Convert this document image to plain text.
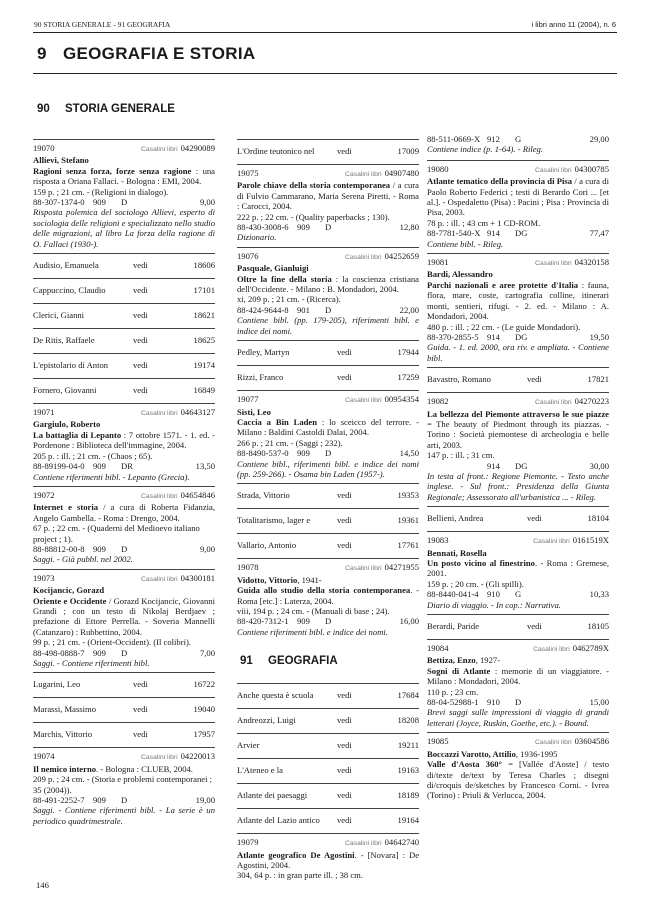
90 STORIA GENERALE - 91 GEOGRAFIA	i libri anno 11 (2004), n. 6
9 GEOGRAFIA E STORIA
90 STORIA GENERALE
19070	Casalini libri 04290089
Allievi, Stefano
Ragioni senza forza, forze senza ragione : una risposta a Oriana Fallaci. - Bologna : EMI, 2004.
159 p. ; 21 cm. - (Religioni in dialogo).
88-307-1374-0 909	D	9,00
Risposta polemica del sociologo Allievi, esperto di sociologia delle religioni e specializzato nello studio delle migrazioni, al libro La forza della ragione di O. Fallaci (1930-).
Audisio, Emanuela	vedi	18606
Cappuccino, Claudio	vedi	17101
Clerici, Gianni	vedi	18621
De Ritis, Raffaele	vedi	18625
L'epistolario di Anton	vedi	19174
Fornero, Giovanni	vedi	16849
19071	Casalini libri 04643127
Gargiulo, Roberto
La battaglia di Lepanto : 7 ottobre 1571. - 1. ed. - Pordenone : Biblioteca dell'immagine, 2004.
205 p. : ill. ; 21 cm. - (Chaos ; 65).
88-89199-04-0 909	DR	13,50
Contiene riferimenti bibl. - Lepanto (Grecia).
19072	Casalini libri 04654846
Internet e storia / a cura di Roberta Fidanzia, Angelo Gambella. - Roma : Drengo, 2004.
67 p. ; 22 cm. - (Quaderni del Medioevo italiano project ; 1).
88-88812-00-8 909	D	9,00
Saggi. - Già pubbl. nel 2002.
19073	Casalini libri 04300181
Kocijancic, Gorazd
Oriente e Occidente / Gorazd Kocijancic, Giovanni Grandi ; con un testo di Nikolaj Berdjaev ; prefazione di Ettore Perrella. - Soveria Mannelli (Catanzaro) : Rubbettino, 2004.
99 p. ; 21 cm. - (Orient-Occident). (Il colibri).
88-498-0888-7 909	D	7,00
Saggi. - Contiene riferimenti bibl.
Lugarini, Leo	vedi	16722
Marassi, Massimo	vedi	19040
Marchis, Vittorio	vedi	17957
19074	Casalini libri 04220013
Il nemico interno. - Bologna : CLUEB, 2004.
209 p. ; 24 cm. - (Storia e problemi contemporanei ; 35 (2004)).
88-491-2252-7 909	D	19,00
Saggi. - Contiene riferimenti bibl. - La serie è un periodico quadrimestrale.
L'Ordine teutonico nel	vedi	17009
19075	Casalini libri 04907480
Parole chiave della storia contemporanea / a cura di Fulvio Cammarano, Maria Serena Piretti. - Roma : Carocci, 2004.
222 p. ; 22 cm. - (Quality paperbacks ; 130).
88-430-3008-6 909	D	12,80
Dizionario.
19076	Casalini libri 04252659
Pasquale, Gianluigi
Oltre la fine della storia : la coscienza cristiana dell'Occidente. - Milano : B. Mondadori, 2004.
xi, 209 p. ; 21 cm. - (Ricerca).
88-424-9644-8 901	D	22,00
Contiene bibl. (pp. 179-205), riferimenti bibl. e indice dei nomi.
Pedley, Martyn	vedi	17944
Rizzi, Franco	vedi	17259
19077	Casalini libri 00954354
Sisti, Leo
Caccia a Bin Laden : lo sceicco del terrore. - Milano : Baldini Castoldi Dalai, 2004.
266 p. ; 21 cm. - (Saggi ; 232).
88-8490-537-0 909	D	14,50
Contiene bibl., riferimenti bibl. e indice dei nomi (pp. 259-266). - Osama bin Laden (1957-).
Strada, Vittorio	vedi	19353
Totalitarismo, lager e	vedi	19361
Vallario, Antonio	vedi	17761
19078	Casalini libri 04271955
Vidotto, Vittorio, 1941-
Guida allo studio della storia contemporanea. - Roma [etc.] : Laterza, 2004.
viii, 194 p. ; 24 cm. - (Manuali di base ; 24).
88-420-7312-1 909	D	16,00
Contiene riferimenti bibl. e indice dei nomi.
91 GEOGRAFIA
Anche questa è scuola	vedi	17684
Andreozzi, Luigi	vedi	18208
Arvier	vedi	19211
L'Ateneo e la	vedi	19163
Atlante dei paesaggi	vedi	18189
Atlante del Lazio antico	vedi	19164
19079	Casalini libri 04642740
Atlante geografico De Agostini. - [Novara] : De Agostini, 2004.
304, 64 p. : in gran parte ill. ; 38 cm.
88-511-0669-X 912	G	29,00
Contiene indice (p. 1-64). - Rileg.
19080	Casalini libri 04300785
Atlante tematico della provincia di Pisa / a cura di Paolo Roberto Federici ; testi di Berardo Cori ... [et al.]. - Ospedaletto (Pisa) : Pacini ; Pisa : Provincia di Pisa, 2003.
78 p. : ill. ; 43 cm + 1 CD-ROM.
88-7781-540-X 914	DG	77,47
Contiene bibl. - Rileg.
19081	Casalini libri 04320158
Bardi, Alessandro
Parchi nazionali e aree protette d'Italia : fauna, flora, mare, coste, cartografia colline, itinerari monti, sentieri, rifugi. - 2. ed. - Milano : A. Mondadori, 2004.
480 p. : ill. ; 22 cm. - (Le guide Mondadori).
88-370-2855-5 914	DG	19,50
Guida. - 1. ed. 2000, ora riv. e ampliata. - Contiene bibl.
Bavastro, Romano	vedi	17821
19082	Casalini libri 04270223
La bellezza del Piemonte attraverso le sue piazze = The beauty of Piedmont through its piazzas. - Torino : Società piemontese di archeologia e belle arti, 2003.
147 p. : ill. ; 31 cm.
914	DG	30,00
In testa al front.: Regione Piemonte. - Testo anche inglese. - Sul front.: Presidenza della Giunta Regionale; Assessorato all'urbanistica ... - Rileg.
Bellieni, Andrea	vedi	18104
19083	Casalini libri 0161519X
Bennati, Rosella
Un posto vicino al finestrino. - Roma : Gremese, 2001.
159 p. ; 20 cm. - (Gli spilli).
88-8440-041-4 910	G	10,33
Diario di viaggio. - In cop.: Narrativa.
Berardi, Paride	vedi	18105
19084	Casalini libri 0462789X
Bettiza, Enzo, 1927-
Sogni di Atlante : memorie di un viaggiatore. - Milano : Mondadori, 2004.
110 p. ; 23 cm.
88-04-52988-1 910	D	15,00
Brevi saggi sulle impressioni di viaggio di grandi letterati (Joyce, Ruskin, Goethe, etc.). - Bound.
19085	Casalini libri 03604586
Boccazzi Varotto, Attilio, 1936-1995
Valle d'Aosta 360° = [Vallée d'Aoste] / testo di/texte de/text by Teresa Charles ; disegni di/croquis de/sketches by Francesco Corni. - Ivrea (Torino) : Priuli & Verlucca, 2004.
146
